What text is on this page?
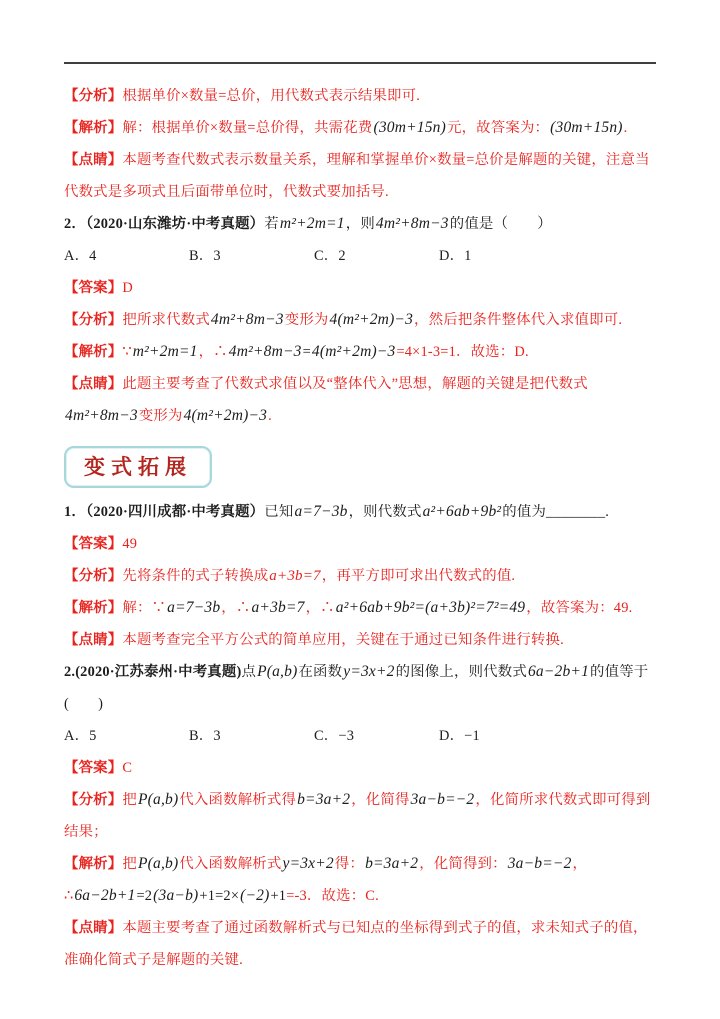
【分析】根据单价×数量=总价，用代数式表示结果即可.
【解析】解：根据单价×数量=总价得，共需花费(30m+15n)元，故答案为：(30m+15n).
【点睛】本题考查代数式表示数量关系，理解和掌握单价×数量=总价是解题的关键，注意当代数式是多项式且后面带单位时，代数式要加括号.
2．（2020·山东潍坊·中考真题）若m²+2m=1，则4m²+8m−3的值是（　　）
A．4	B．3	C．2	D．1
【答案】D
【分析】把所求代数式4m²+8m−3变形为4(m²+2m)−3，然后把条件整体代入求值即可.
【解析】∵m²+2m=1，∴4m²+8m−3=4(m²+2m)−3=4×1-3=1．故选：D.
【点睛】此题主要考查了代数式求值以及“整体代入”思想，解题的关键是把代数式4m²+8m−3变形为4(m²+2m)−3.
变式拓展
1．（2020·四川成都·中考真题）已知a=7−3b，则代数式a²+6ab+9b²的值为________.
【答案】49
【分析】先将条件的式子转换成a+3b=7，再平方即可求出代数式的值.
【解析】解：∵a=7−3b，∴a+3b=7，∴a²+6ab+9b²=(a+3b)²=7²=49，故答案为：49.
【点睛】本题考查完全平方公式的简单应用，关键在于通过已知条件进行转换.
2.(2020·江苏泰州·中考真题)点P(a,b)在函数y=3x+2的图像上，则代数式6a−2b+1的值等于(　　)
A．5	B．3	C．−3	D．−1
【答案】C
【分析】把P(a,b)代入函数解析式得b=3a+2，化简得3a−b=−2，化简所求代数式即可得到结果；
【解析】把P(a,b)代入函数解析式y=3x+2得：b=3a+2，化简得到：3a−b=−2，
∴6a−2b+1=2(3a−b)+1=2×(−2)+1=-3．故选：C.
【点睛】本题主要考查了通过函数解析式与已知点的坐标得到式子的值，求未知式子的值，准确化简式子是解题的关键.
